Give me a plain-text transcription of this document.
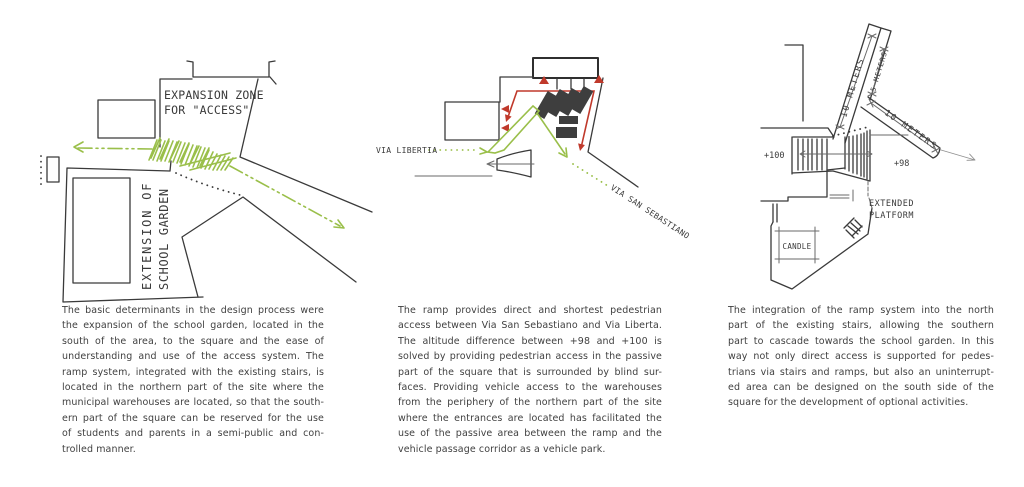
EXPANSION ZONE
FOR "ACCESS"
EXTENSION OF SCHOOL GARDEN
VIA LIBERTIA
VIA SAN SEBASTIANO
CANDLE
10 METERS 5 METERS
10 METERS
+100
+98
EXTENDED
PLATFORM
The basic determinants in the design process were
the expansion of the school garden, located in the
south of the area, to the square and the ease of
understanding and use of the access system. The
ramp system, integrated with the existing stairs, is
located in the northern part of the site where the
municipal warehouses are located, so that the south-
ern part of the square can be reserved for the use
of students and parents in a semi-public and con-
trolled manner.
The ramp provides direct and shortest pedestrian
access between Via San Sebastiano and Via Liberta.
The altitude difference between +98 and +100 is
solved by providing pedestrian access in the passive
part of the square that is surrounded by blind sur-
faces. Providing vehicle access to the warehouses
from the periphery of the northern part of the site
where the entrances are located has facilitated the
use of the passive area between the ramp and the
vehicle passage corridor as a vehicle park.
The integration of the ramp system into the north
part of the existing stairs, allowing the southern
part to cascade towards the school garden. In this
way not only direct access is supported for pedes-
trians via stairs and ramps, but also an uninterrupt-
ed area can be designed on the south side of the
square for the development of optional activities.
